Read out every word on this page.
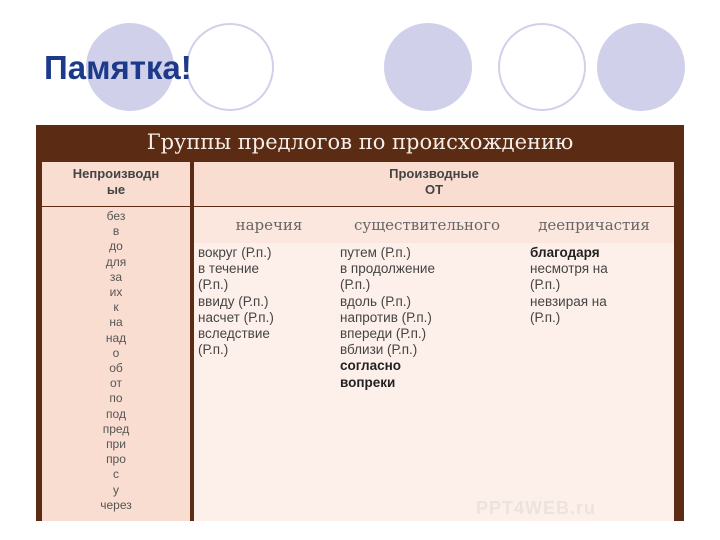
Памятка!
Группы предлогов по происхождению
Непроизводн
ые
Производные
ОТ
без
в
до
для
за
их
к
на
над
о
об
от
по
под
пред
при
про
с
у
через
наречия	существительного	деепричастия
вокруг (Р.п.)
в течение
(Р.п.)
ввиду (Р.п.)
насчет (Р.п.)
вследствие
(Р.п.)
путем (Р.п.)
в продолжение
(Р.п.)
вдоль (Р.п.)
напротив (Р.п.)
впереди (Р.п.)
вблизи (Р.п.)
согласно
вопреки
благодаря
несмотря на
(Р.п.)
невзирая на
(Р.п.)
PPT4WEB.ru
